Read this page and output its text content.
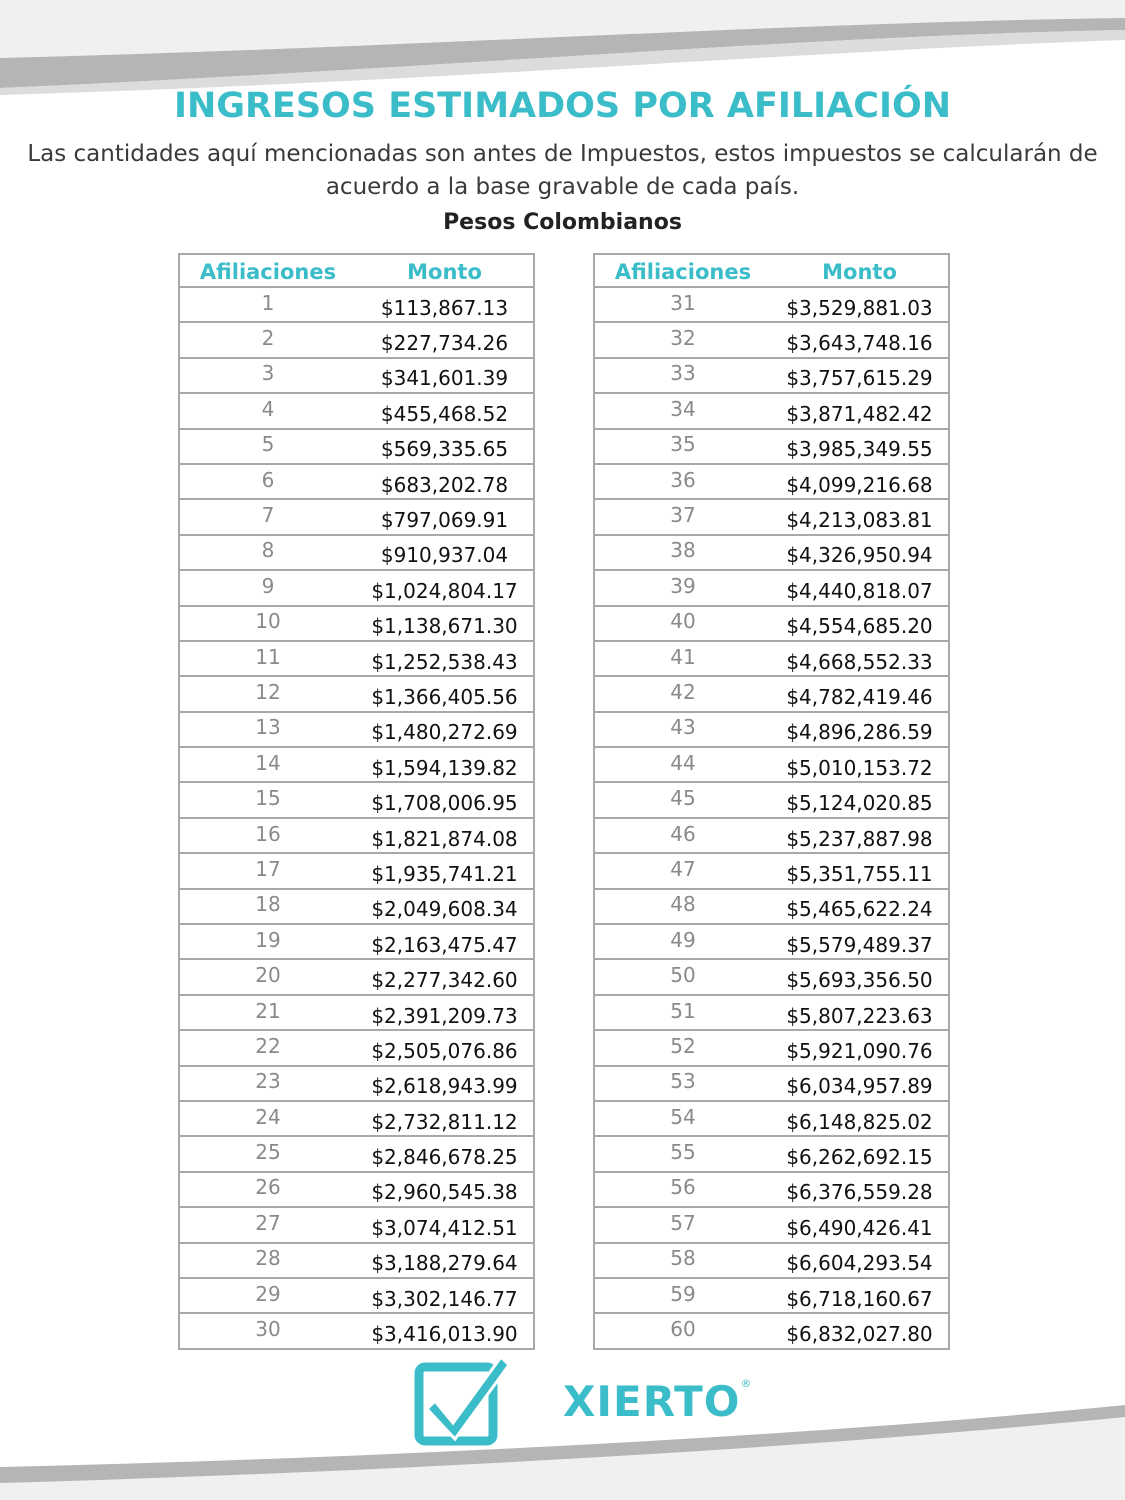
INGRESOS ESTIMADOS POR AFILIACIÓN
Las cantidades aquí mencionadas son antes de Impuestos, estos impuestos se calcularán de acuerdo a la base gravable de cada país.
Pesos Colombianos
Afiliaciones	Monto
1	$113,867.13
2	$227,734.26
3	$341,601.39
4	$455,468.52
5	$569,335.65
6	$683,202.78
7	$797,069.91
8	$910,937.04
9	$1,024,804.17
10	$1,138,671.30
11	$1,252,538.43
12	$1,366,405.56
13	$1,480,272.69
14	$1,594,139.82
15	$1,708,006.95
16	$1,821,874.08
17	$1,935,741.21
18	$2,049,608.34
19	$2,163,475.47
20	$2,277,342.60
21	$2,391,209.73
22	$2,505,076.86
23	$2,618,943.99
24	$2,732,811.12
25	$2,846,678.25
26	$2,960,545.38
27	$3,074,412.51
28	$3,188,279.64
29	$3,302,146.77
30	$3,416,013.90
Afiliaciones	Monto
31	$3,529,881.03
32	$3,643,748.16
33	$3,757,615.29
34	$3,871,482.42
35	$3,985,349.55
36	$4,099,216.68
37	$4,213,083.81
38	$4,326,950.94
39	$4,440,818.07
40	$4,554,685.20
41	$4,668,552.33
42	$4,782,419.46
43	$4,896,286.59
44	$5,010,153.72
45	$5,124,020.85
46	$5,237,887.98
47	$5,351,755.11
48	$5,465,622.24
49	$5,579,489.37
50	$5,693,356.50
51	$5,807,223.63
52	$5,921,090.76
53	$6,034,957.89
54	$6,148,825.02
55	$6,262,692.15
56	$6,376,559.28
57	$6,490,426.41
58	$6,604,293.54
59	$6,718,160.67
60	$6,832,027.80
XIERTO®
